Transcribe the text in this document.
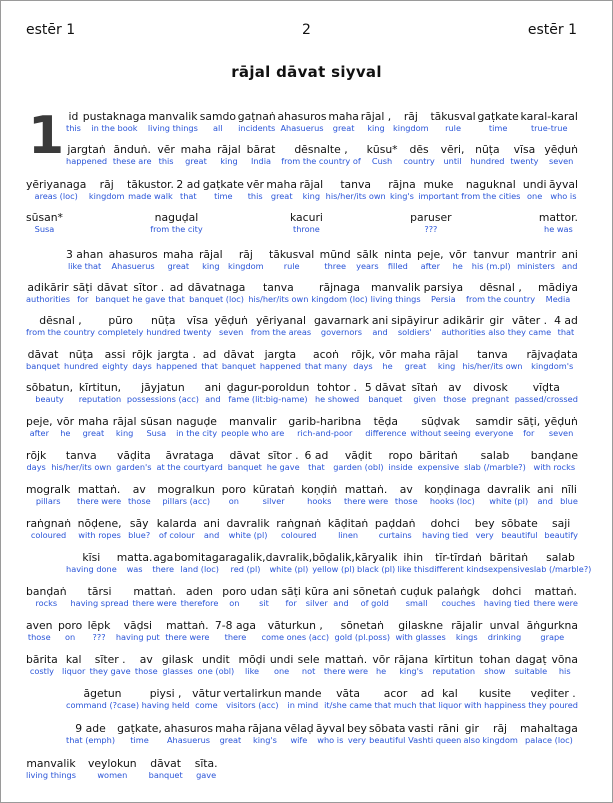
estēr 1	2	estēr 1
rājal dāvat siyval
1 id
this
pustaknaga
in the book
manvalik
living things
samdo
all
gaṭnaṅ
incidents
ahasuros
Ahasuerus
maha
great
rājal ,
king
rāj
kingdom
tākusval
rule
gaṭkate
time
karal-karal
true-true
jargtaṅ
happened
ānduṅ.
these are
vēr
this
maha
great
rājal
king
bārat
India
dēsnalte ,
from the country of
kūsu*
Cush
dēs
country
vēri,
until
nūṭa
hundred
vīsa
twenty
yēḍuṅ
seven
yēriyanaga
areas (loc)
rāj
kingdom
tākustor.
made walk
2 ad
that
gaṭkate
time
vēr
this
maha
great
rājal
king
tanva
his/her/its own
rājna
king's
muke
important
naguknal
from the cities
undi
one
āyval
who is
sūsan*
Susa
naguḍal
from the city
kacuri
throne
paruser
???
mattor.
he was
3 ahan
like that
ahasuros
Ahasuerus
maha
great
rājal
king
rāj
kingdom
tākusval
rule
mūnd
three
sālk
years
ninta
filled
peje,
after
vōr
he
tanvur
his (m.pl)
mantrir
ministers
ani
and
adikārir
authorities
sāṭi
for
dāvat
banquet
sītor .
he gave
ad
that
dāvatnaga
banquet (loc)
tanva
his/her/its own
rājnaga
kingdom (loc)
manvalik
living things
parsiya
Persia
dēsnal ,
from the country
mādiya
Media
dēsnal ,
from the country
pūro
completely
nūṭa
hundred
vīsa
twenty
yēḍuṅ
seven
yēriyanal
from the areas
gavarnark
governors
ani
and
sipāyirur
soldiers'
adikārir
authorities
gir
also
vāter .
they came
4 ad
that
dāvat
banquet
nūṭa
hundred
assi
eighty
rōjk
days
jargta .
happened
ad
that
dāvat
banquet
jargta
happened
acoṅ
that many
rōjk,
days
vōr
he
maha
great
rājal
king
tanva
his/her/its own
rājvaḍata
kingdom's
sōbatun,
beauty
kīrtitun,
reputation
jāyjatun
possessions (acc)
ani
and
ḍagur-poroldun
fame (lit:big-name)
tohtor .
he showed
5 dāvat
banquet
sītaṅ
given
av
those
divosk
pregnant
vīḍta
passed/crossed
peje,
after
vōr
he
maha
great
rājal
king
sūsan
Susa
naguḍe
in the city
manvalir
people who are
garib-haribna
rich-and-poor
tēḍa
difference
sūḍvak
without seeing
samdir
everyone
sāṭi,
for
yēḍuṅ
seven
rōjk
days
tanva
his/her/its own
vāḍita
garden's
āvrataga
at the courtyard
dāvat
banquet
sītor .
he gave
6 ad
that
vāḍit
garden (obl)
ropo
inside
bāritaṅ
expensive
salab
slab (/marble?)
banḍane
with rocks
mogralk
pillars
mattaṅ.
there were
av
those
mogralkun
pillars (acc)
poro
on
kūrataṅ
silver
koṇḍiṅ
hooks
mattaṅ.
there were
av
those
koṇḍinaga
hooks (loc)
davralik
white (pl)
ani
and
nīli
blue
raṅgnaṅ
coloured
nōḍene,
with ropes
sāy
blue?
kalarda
of colour
ani
and
davralik
white (pl)
raṅgnaṅ
coloured
kāḍitaṅ
linen
paḍdaṅ
curtains
dohci
having tied
bey
very
sōbate
beautiful
saji
beautify
kīsi
having done
matta.
was
aga
there
bomitaga
land (loc)
ragalik,
red (pl)
davralik,
white (pl)
bōḍalik,
yellow (pl)
kāryalik
black (pl)
ihin
like this
tīr-tīrdaṅ
different kinds
bāritaṅ
expensive
salab
slab (/marble?)
banḍaṅ
rocks
tārsi
having spread
mattaṅ.
there were
aden
therefore
poro
on
udan
sit
sāṭi
for
kūra
silver
ani
and
sōnetaṅ
of gold
cuḍuk
small
palaṅgk
couches
dohci
having tied
mattaṅ.
there were
aven
those
poro
on
lēpk
???
vāḍsi
having put
mattaṅ.
there were
7-8 aga
there
vāturkun ,
come ones (acc)
sōnetaṅ
gold (pl.poss)
gilaskne
with glasses
rājalir
kings
unval
drinking
āṅgurkna
grape
bārita
costly
kal
liquor
sīter .
they gave
av
those
gilask
glasses
undit
one (obl)
mōḍi
like
undi
one
sele
not
mattaṅ.
there were
vōr
he
rājana
king's
kīrtitun
reputation
tohan
show
dagaṭ
suitable
vōna
his
āgetun
command (?case)
piysi ,
having held
vātur
come
vertalirkun
visitors (acc)
mande
in mind
vāta
it/she came
acor
that much
ad
that
kal
liquor
kusite
with happiness
veḍiter .
they poured
9 ade
that (emph)
gaṭkate,
time
ahasuros
Ahasuerus
maha
great
rājana
king's
vēlaḍ
wife
āyval
who is
bey
very
sōbata
beautiful
vasti
Vashti
rāni
queen
gir
also
rāj
kingdom
mahaltaga
palace (loc)
manvalik
living things
veylokun
women
dāvat
banquet
sīta.
gave
